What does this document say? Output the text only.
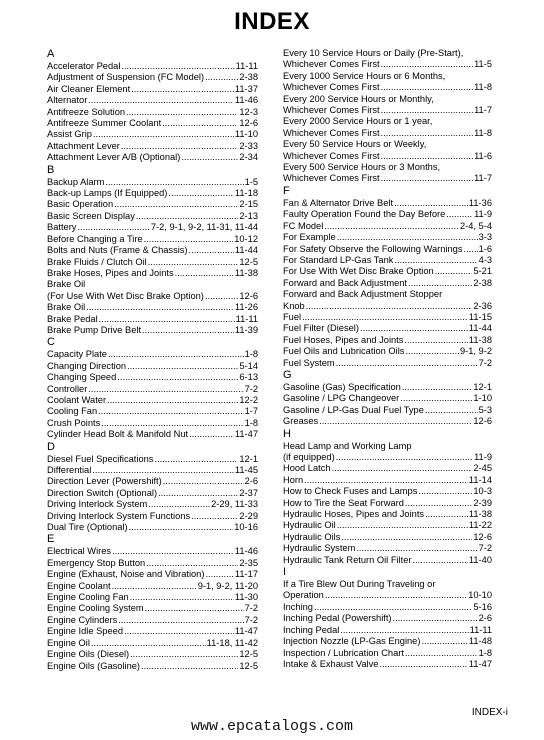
INDEX
A
Accelerator Pedal .....	11-11
Adjustment of Suspension (FC Model) .....	2-38
Air Cleaner Element .....	11-37
Alternator .....	11-46
Antifreeze Solution .....	12-3
Antifreeze Summer Coolant .....	12-6
Assist Grip .....	11-10
Attachment Lever .....	2-33
Attachment Lever A/B (Optional) .....	2-34
B
Backup Alarm .....	1-5
Back-up Lamps (If Equipped) .....	11-18
Basic Operation .....	2-15
Basic Screen Display .....	2-13
Battery .....	7-2, 9-1, 9-2, 11-31, 11-44
Before Changing a Tire .....	10-12
Bolts and Nuts (Frame & Chassis) .....	11-44
Brake Fluids / Clutch Oil .....	12-5
Brake Hoses, Pipes and Joints .....	11-38
Brake Oil
(For Use With Wet Disc Brake Option) .....	12-6
Brake Oil .....	11-26
Brake Pedal .....	11-11
Brake Pump Drive Belt .....	11-39
C
Capacity Plate .....	1-8
Changing Direction .....	5-14
Changing Speed .....	6-13
Controller .....	7-2
Coolant Water .....	12-2
Cooling Fan .....	1-7
Crush Points .....	1-8
Cylinder Head Bolt & Manifold Nut .....	11-47
D
Diesel Fuel Specifications .....	12-1
Differential .....	11-45
Direction Lever (Powershift) .....	2-6
Direction Switch (Optional) .....	2-37
Driving Interlock System .....	2-29, 11-33
Driving Interlock System Functions .....	2-29
Dual Tire (Optional) .....	10-16
E
Electrical Wires .....	11-46
Emergency Stop Button .....	2-35
Engine (Exhaust, Noise and Vibration) .....	11-17
Engine Coolant .....	9-1, 9-2, 11-20
Engine Cooling Fan .....	11-30
Engine Cooling System .....	7-2
Engine Cylinders .....	7-2
Engine Idle Speed .....	11-47
Engine Oil .....	11-18, 11-42
Engine Oils (Diesel) .....	12-5
Engine Oils (Gasoline) .....	12-5
Every 10 Service Hours or Daily (Pre-Start),
Whichever Comes First .....	11-5
Every 1000 Service Hours or 6 Months,
Whichever Comes First .....	11-8
Every 200 Service Hours or Monthly,
Whichever Comes First .....	11-7
Every 2000 Service Hours or 1 year,
Whichever Comes First .....	11-8
Every 50 Service Hours or Weekly,
Whichever Comes First .....	11-6
Every 500 Service Hours or 3 Months,
Whichever Comes First .....	11-7
F
Fan & Alternator Drive Belt .....	11-36
Faulty Operation Found the Day Before .....	11-9
FC Model .....	2-4, 5-4
For Example .....	3-3
For Safety Observe the Following Warnings ..... 1-6
For Standard LP-Gas Tank .....	4-3
For Use With Wet Disc Brake Option .....	5-21
Forward and Back Adjustment .....	2-38
Forward and Back Adjustment Stopper
Knob .....	2-36
Fuel .....	11-15
Fuel Filter (Diesel) .....	11-44
Fuel Hoses, Pipes and Joints .....	11-38
Fuel Oils and Lubrication Oils .....	9-1, 9-2
Fuel System .....	7-2
G
Gasoline (Gas) Specification .....	12-1
Gasoline / LPG Changeover .....	1-10
Gasoline / LP-Gas Dual Fuel Type .....	5-3
Greases .....	12-6
H
Head Lamp and Working Lamp
(if equipped) .....	11-9
Hood Latch .....	2-45
Horn .....	11-14
How to Check Fuses and Lamps .....	10-3
How to Tire the Seat Forward .....	2-39
Hydraulic Hoses, Pipes and Joints .....	11-38
Hydraulic Oil .....	11-22
Hydraulic Oils .....	12-6
Hydraulic System .....	7-2
Hydraulic Tank Return Oil Filter .....	11-40
I
If a Tire Blew Out During Traveling or
Operation .....	10-10
Inching .....	5-16
Inching Pedal (Powershift) .....	2-6
Inching Pedal .....	11-11
Injection Nozzle (LP-Gas Engine) .....	11-48
Inspection / Lubrication Chart .....	1-8
Intake & Exhaust Valve .....	11-47
INDEX-i
www.epcatalogs.com
